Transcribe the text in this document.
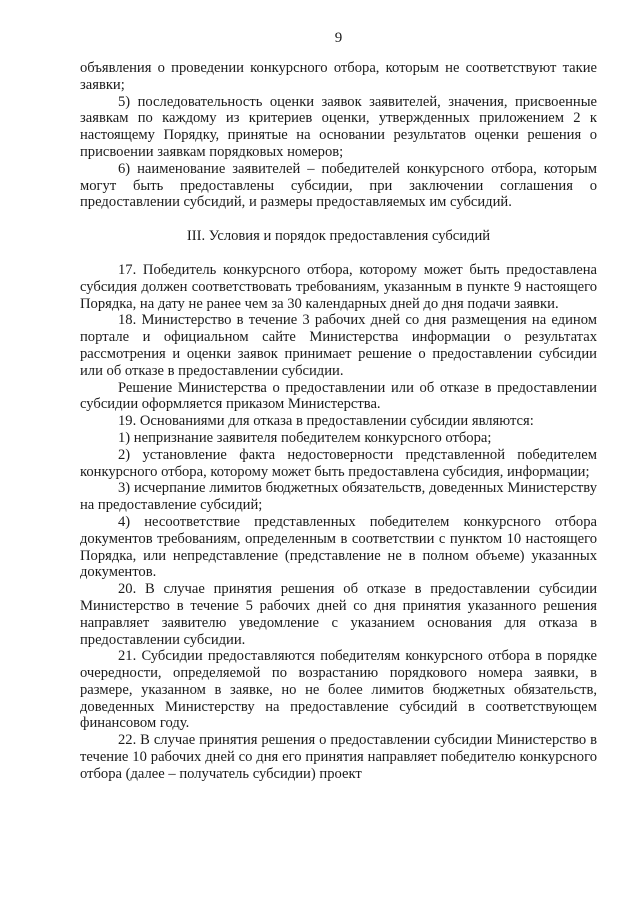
9

объявления о проведении конкурсного отбора, которым не соответствуют такие заявки;

5) последовательность оценки заявок заявителей, значения, присвоенные заявкам по каждому из критериев оценки, утвержденных приложением 2 к настоящему Порядку, принятые на основании результатов оценки решения о присвоении заявкам порядковых номеров;

6) наименование заявителей – победителей конкурсного отбора, которым могут быть предоставлены субсидии, при заключении соглашения о предоставлении субсидий, и размеры предоставляемых им субсидий.

III. Условия и порядок предоставления субсидий

17. Победитель конкурсного отбора, которому может быть предоставлена субсидия должен соответствовать требованиям, указанным в пункте 9 настоящего Порядка, на дату не ранее чем за 30 календарных дней до дня подачи заявки.

18. Министерство в течение 3 рабочих дней со дня размещения на едином портале и официальном сайте Министерства информации о результатах рассмотрения и оценки заявок принимает решение о предоставлении субсидии или об отказе в предоставлении субсидии.

Решение Министерства о предоставлении или об отказе в предоставлении субсидии оформляется приказом Министерства.

19. Основаниями для отказа в предоставлении субсидии являются:

1) непризнание заявителя победителем конкурсного отбора;

2) установление факта недостоверности представленной победителем конкурсного отбора, которому может быть предоставлена субсидия, информации;

3) исчерпание лимитов бюджетных обязательств, доведенных Министерству на предоставление субсидий;

4) несоответствие представленных победителем конкурсного отбора документов требованиям, определенным в соответствии с пунктом 10 настоящего Порядка, или непредставление (представление не в полном объеме) указанных документов.

20. В случае принятия решения об отказе в предоставлении субсидии Министерство в течение 5 рабочих дней со дня принятия указанного решения направляет заявителю уведомление с указанием основания для отказа в предоставлении субсидии.

21. Субсидии предоставляются победителям конкурсного отбора в порядке очередности, определяемой по возрастанию порядкового номера заявки, в размере, указанном в заявке, но не более лимитов бюджетных обязательств, доведенных Министерству на предоставление субсидий в соответствующем финансовом году.

22. В случае принятия решения о предоставлении субсидии Министерство в течение 10 рабочих дней со дня его принятия направляет победителю конкурсного отбора (далее – получатель субсидии) проект
